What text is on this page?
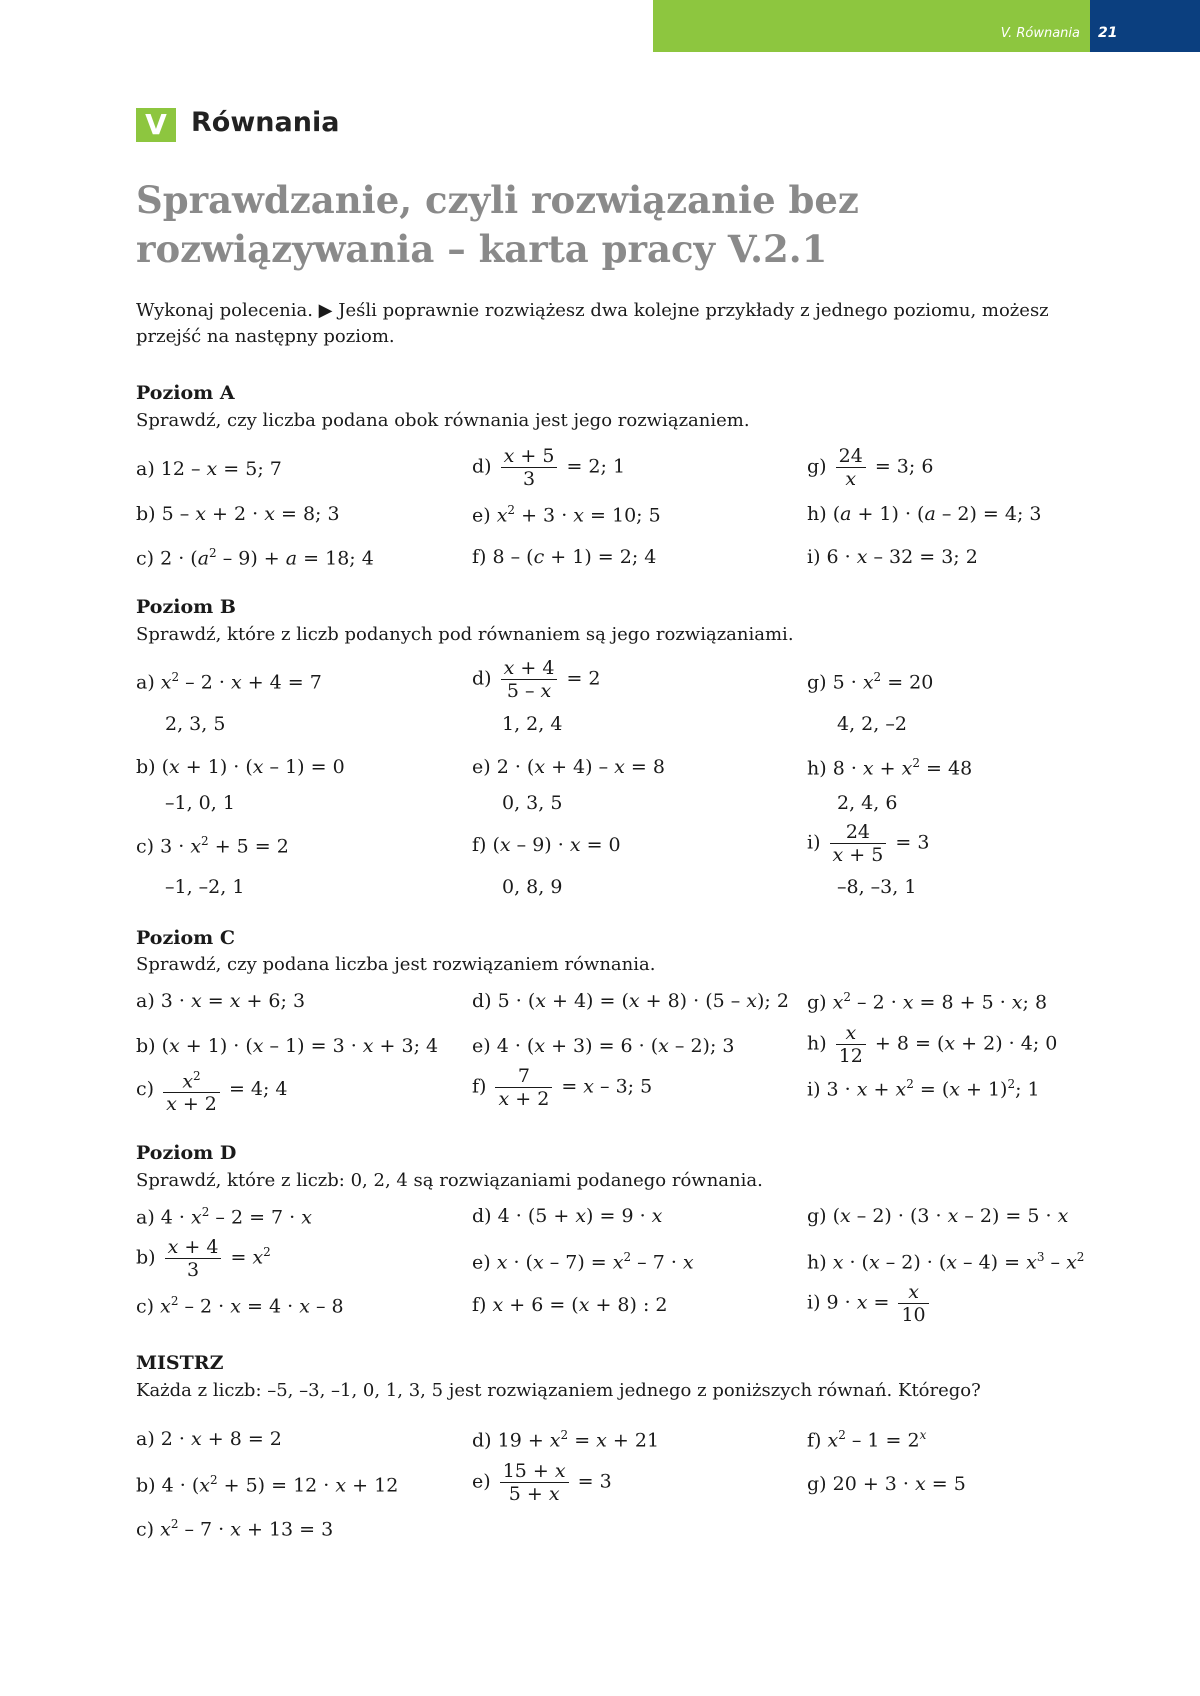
V. Równania 21
V Równania
Sprawdzanie, czyli rozwiązanie bez rozwiązywania – karta pracy V.2.1
Wykonaj polecenia. ▶ Jeśli poprawnie rozwiążesz dwa kolejne przykłady z jednego poziomu, możesz przejść na następny poziom.
Poziom A
Sprawdź, czy liczba podana obok równania jest jego rozwiązaniem.
a) 12 – x = 5; 7	$d) \frac{x + 5}{3} = 2$; 1	$g) \frac{24}{x} = 3$; 6
b) 5 – x + 2 · x = 8; 3	e) $x^2 + 3 \cdot x = 10$; 5	h) (a + 1) · (a – 2) = 4; 3
c) $2 \cdot (a^2 - 9) + a = 18$; 4	f) 8 – (c + 1) = 2; 4	i) 6 · x – 32 = 3; 2
Poziom B
Sprawdź, które z liczb podanych pod równaniem są jego rozwiązaniami.
a) $x^2 - 2 \cdot x + 4 = 7$	$d) \frac{x + 4}{5 - x} = 2$	g) $5 \cdot x^2 = 20$
2, 3, 5	1, 2, 4	4, 2, –2
b) (x + 1) · (x – 1) = 0	e) 2 · (x + 4) – x = 8	h) $8 \cdot x + x^2 = 48$
–1, 0, 1	0, 3, 5	2, 4, 6
c) $3 \cdot x^2 + 5 = 2$	f) (x – 9) · x = 0	$i) \frac{24}{x + 5} = 3$
–1, –2, 1	0, 8, 9	–8, –3, 1
Poziom C
Sprawdź, czy podana liczba jest rozwiązaniem równania.
a) 3 · x = x + 6; 3	d) 5 · (x + 4) = (x + 8) · (5 – x); 2 g) $x^2 - 2 \cdot x = 8 + 5 \cdot x$; 8
b) (x + 1) · (x – 1) = 3 · x + 3; 4 e) 4 · (x + 3) = 6 · (x – 2); 3	$h) \frac{x}{12} + 8 = (x + 2) \cdot 4$; 0
$c) \frac{x^2}{x + 2} = 4$; 4	$f) \frac{7}{x + 2} = x - 3$; 5	i) $3 \cdot x + x^2 = (x + 1)^2$; 1
Poziom D
Sprawdź, które z liczb: 0, 2, 4 są rozwiązaniami podanego równania.
a) $4 \cdot x^2 - 2 = 7 \cdot x$	d) 4 · (5 + x) = 9 · x	g) (x – 2) · (3 · x – 2) = 5 · x
$b) \frac{x + 4}{3} = x^2$	e) $x \cdot (x - 7) = x^2 - 7 \cdot x$	h) $x \cdot (x - 2) \cdot (x - 4) = x^3 - x^2$
c) $x^2 - 2 \cdot x = 4 \cdot x - 8$	f) x + 6 = (x + 8) : 2	i) $9 \cdot x = \frac{x}{10}$
MISTRZ
Każda z liczb: –5, –3, –1, 0, 1, 3, 5 jest rozwiązaniem jednego z poniższych równań. Którego?
a) 2 · x + 8 = 2	d) $19 + x^2 = x + 21$	f) $x^2 - 1 = 2^x$
b) $4 \cdot (x^2 + 5) = 12 \cdot x + 12$	$e) \frac{15 + x}{5 + x} = 3$	g) 20 + 3 · x = 5
c) $x^2 - 7 \cdot x + 13 = 3$
